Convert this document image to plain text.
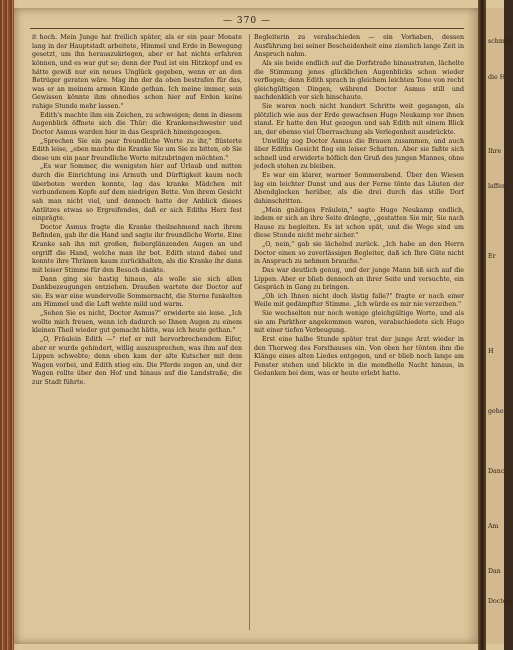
— 370 —

it hoch. Mein Junge hat freilich später, als er ein paar Monate lang in der Hauptstadt arbeitete, Himmel und Erde in Bewegung gesetzt, um ihn herauszukriegen, aber er hat nichts erfahren können, und es war gut so; denn der Paul ist ein Hitzkopf und es hätte gewiß nur ein neues Unglück gegeben, wenn er an den Betrüger geraten wäre. Mag ihn der da oben bestrafen für das, was er an meinem armen Kinde gethan. Ich meine immer, sein Gewissen könnte ihm ohnedies schon hier auf Erden keine ruhige Stunde mehr lassen."

Edith's machte ihm ein Zeichen, zu schweigen; denn in diesem Augenblick öffnete sich die Thür: die Krankenschwester und Doctor Asmus wurden hier in das Gespräch hineingezogen.

„Sprechen Sie ein paar freundliche Worte zu ihr," flüsterte Edith leise, „eben machte die Kranke Sie um Sie zu bitten, ob Sie diese um ein paar freundliche Worte mitzubringen möchten."

„Es war Sommer, die wenigsten hier auf Urlaub und mitten durch die Einrichtung ins Armuth und Dürftigkeit kaum noch überboten werden konnte, lag das kranke Mädchen mit verbundenem Kopfe auf dem niedrigen Bette. Von ihrem Gesicht sah man nicht viel, und dennoch hatte der Anblick dieses Antlitzes etwas so Ergreifendes, daß er sich Ediths Herz fest einprägte.

Doctor Asmus fragte die Kranke theilnehmend nach ihrem Befinden, gab ihr die Hand und sagte ihr freundliche Worte. Eine Kranke sah ihn mit großen, fieberglänzenden Augen an und ergriff die Hand, welche man ihr bot. Edith stand dabei und konnte ihre Thränen kaum zurückhalten, als die Kranke ihr dann mit leiser Stimme für den Besuch dankte.

Dann ging sie hastig hinaus, als wolle sie sich allen Dankbezeugungen entziehen. Draußen wartete der Doctor auf sie. Es war eine wundervolle Sommernacht, die Sterne funkelten am Himmel und die Luft wehte mild und warm.

„Sehen Sie es nicht, Doctor Asmus?" erwiderte sie leise. „Ich wollte mich freuen, wenn ich dadurch so Ihnen Augen zu einem kleinen Theil wieder gut gemacht hätte, was ich heute gethan."

„O, Fräulein Edith —" rief er mit hervorbrechendem Eifer, aber er wurde gehindert, willig auszusprechen, was ihm auf den Lippen schwebte; denn eben kam der alte Kutscher mit dem Wagen vorbei, und Edith stieg ein. Die Pferde zogen an, und der Wagen rollte über den Hof und hinaus auf die Landstraße, die zur Stadt führte.

Begleiterin zu verabschieden — ein Vorhaben, dessen Ausführung bei seiner Bescheidenheit eine ziemlich lange Zeit in Anspruch nahm.

Als sie beide endlich auf die Dorfstraße hinaustraten, lächelte die Stimmung jenes glücklichen Augenblicks schon wieder verflogen; denn Edith sprach in gleichem leichten Tone von recht gleichgültigen Dingen, während Doctor Asmus still und nachdenklich vor sich hinschaute.

Sie waren noch nicht hundert Schritte weit gegangen, als plötzlich wie aus der Erde gewachsen Hugo Neukamp vor ihnen stand. Er hatte den Hut gezogen und sah Edith mit einem Blick an, der ebenso viel Überraschung als Verlegenheit ausdrückte.

Unwillig zog Doctor Asmus die Brauen zusammen, und auch über Ediths Gesicht flog ein leiser Schatten. Aber sie faßte sich schnell und erwiderte höflich den Gruß des jungen Mannes, ohne jedoch stehen zu bleiben.

Es war ein klarer, warmer Sommerabend. Über den Wiesen lag ein leichter Dunst und aus der Ferne tönte das Läuten der Abendglocken herüber, als die drei durch das stille Dorf dahinschritten.

„Mein gnädiges Fräulein," sagte Hugo Neukamp endlich, indem er sich an ihre Seite drängte, „gestatten Sie mir, Sie nach Hause zu begleiten. Es ist schon spät, und die Wege sind um diese Stunde nicht mehr sicher."

„O, nein," gab sie lächelnd zurück. „Ich habe an den Herrn Doctor einen so zuverlässigen Begleiter, daß ich Ihre Güte nicht in Anspruch zu nehmen brauche."

Das war deutlich genug, und der junge Mann biß sich auf die Lippen. Aber er blieb dennoch an ihrer Seite und versuchte, ein Gespräch in Gang zu bringen.

„Ob ich Ihnen nicht doch lästig falle?" fragte er nach einer Weile mit gedämpfter Stimme. „Ich würde es mir nie verzeihen."

Sie wechselten nur noch wenige gleichgültige Worte, und als sie am Parkthor angekommen waren, verabschiedete sich Hugo mit einer tiefen Verbeugung.

Erst eine halbe Stunde später trat der junge Arzt wieder in den Thorweg des Forsthauses ein. Von oben her tönten ihm die Klänge eines alten Liedes entgegen, und er blieb noch lange am Fenster stehen und blickte in die mondhelle Nacht hinaus, in Gedanken bei dem, was er heute erlebt hatte.

schmäh
die H
Ihre
laffen
Er
H
gehe
Danc
Am
Dan
Doctor
